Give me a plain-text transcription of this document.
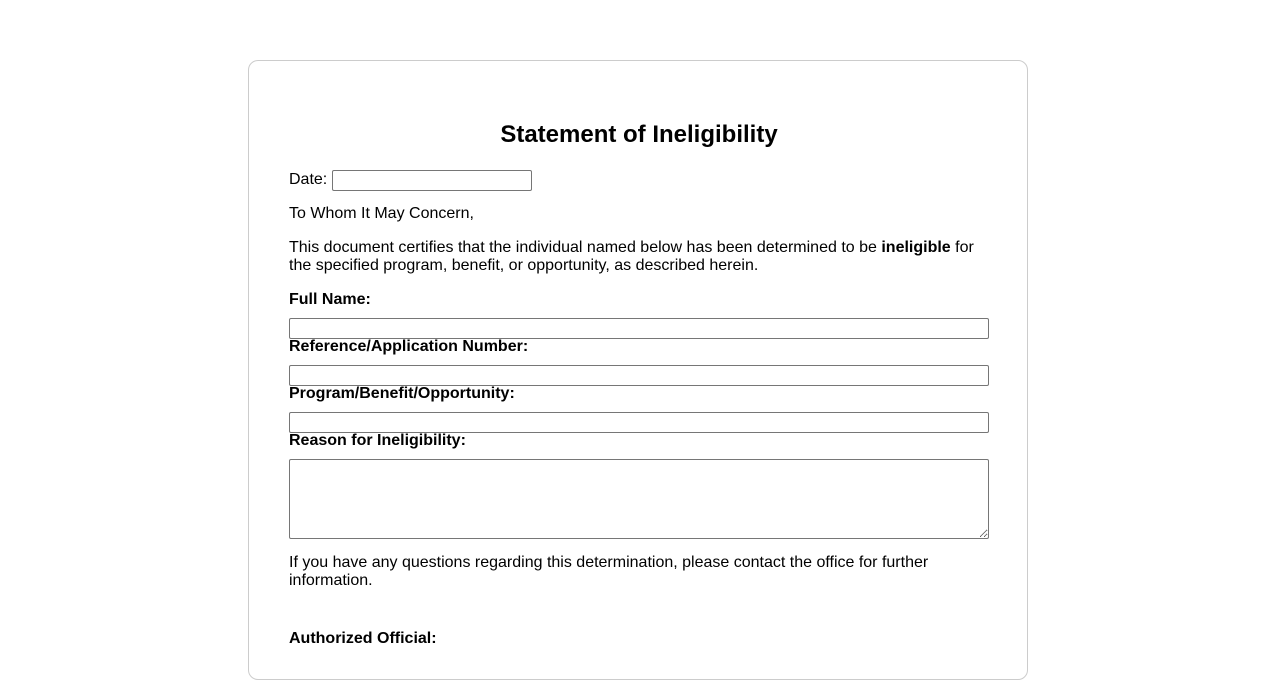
Statement of Ineligibility
Date:

To Whom It May Concern,

This document certifies that the individual named below has been determined to be ineligible for the specified program, benefit, or opportunity, as described herein.

Full Name:

Reference/Application Number:

Program/Benefit/Opportunity:

Reason for Ineligibility:

If you have any questions regarding this determination, please contact the office for further information.

Authorized Official:
